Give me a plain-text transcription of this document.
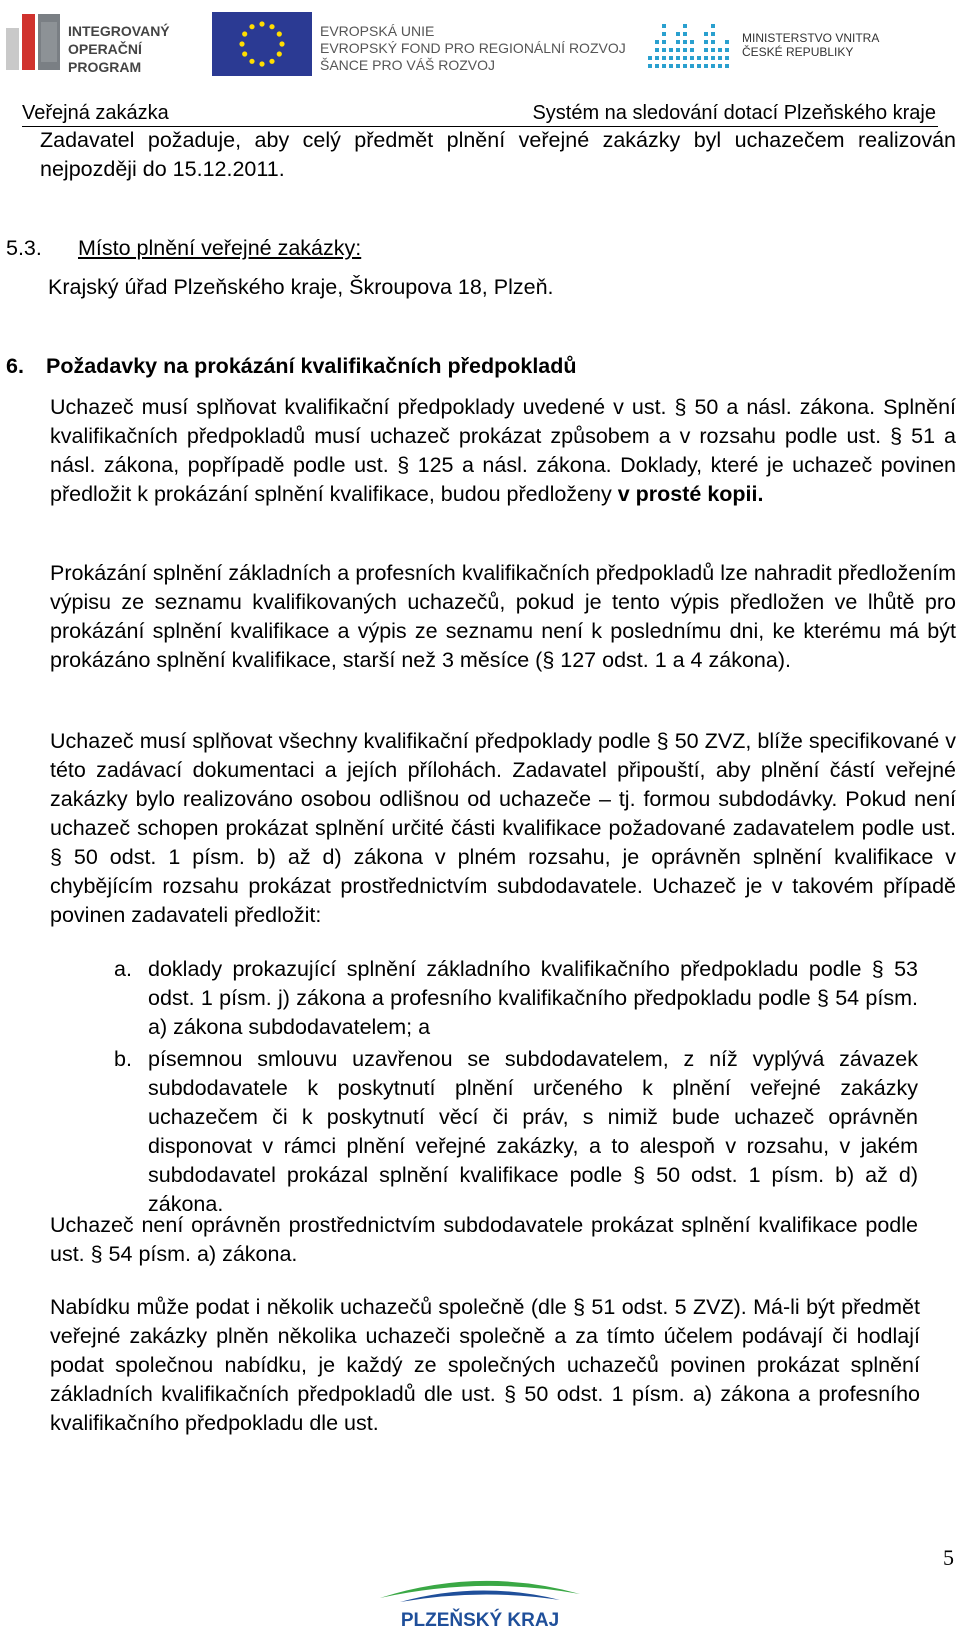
INTEGROVANÝ
OPERAČNÍ
PROGRAM
EVROPSKÁ UNIE
EVROPSKÝ FOND PRO REGIONÁLNÍ ROZVOJ
ŠANCE PRO VÁŠ ROZVOJ
MINISTERSTVO VNITRA
ČESKÉ REPUBLIKY
Veřejná zakázka	Systém na sledování dotací Plzeňského kraje

Zadavatel požaduje, aby celý předmět plnění veřejné zakázky byl uchazečem realizován nejpozději do 15.12.2011.

5.3. Místo plnění veřejné zakázky:
Krajský úřad Plzeňského kraje, Škroupova 18, Plzeň.
6. Požadavky na prokázání kvalifikačních předpokladů

Uchazeč musí splňovat kvalifikační předpoklady uvedené v ust. § 50 a násl. zákona. Splnění kvalifikačních předpokladů musí uchazeč prokázat způsobem a v rozsahu podle ust. § 51 a násl. zákona, popřípadě podle ust. § 125 a násl. zákona. Doklady, které je uchazeč povinen předložit k prokázání splnění kvalifikace, budou předloženy v prosté kopii.

Prokázání splnění základních a profesních kvalifikačních předpokladů lze nahradit předložením výpisu ze seznamu kvalifikovaných uchazečů, pokud je tento výpis předložen ve lhůtě pro prokázání splnění kvalifikace a výpis ze seznamu není k poslednímu dni, ke kterému má být prokázáno splnění kvalifikace, starší než 3 měsíce (§ 127 odst. 1 a 4 zákona).

Uchazeč musí splňovat všechny kvalifikační předpoklady podle § 50 ZVZ, blíže specifikované v této zadávací dokumentaci a jejích přílohách. Zadavatel připouští, aby plnění částí veřejné zakázky bylo realizováno osobou odlišnou od uchazeče – tj. formou subdodávky. Pokud není uchazeč schopen prokázat splnění určité části kvalifikace požadované zadavatelem podle ust. § 50 odst. 1 písm. b) až d) zákona v plném rozsahu, je oprávněn splnění kvalifikace v chybějícím rozsahu prokázat prostřednictvím subdodavatele. Uchazeč je v takovém případě povinen zadavateli předložit:

a. doklady prokazující splnění základního kvalifikačního předpokladu podle § 53 odst. 1 písm. j) zákona a profesního kvalifikačního předpokladu podle § 54 písm. a) zákona subdodavatelem; a

b. písemnou smlouvu uzavřenou se subdodavatelem, z níž vyplývá závazek subdodavatele k poskytnutí plnění určeného k plnění veřejné zakázky uchazečem či k poskytnutí věcí či práv, s nimiž bude uchazeč oprávněn disponovat v rámci plnění veřejné zakázky, a to alespoň v rozsahu, v jakém subdodavatel prokázal splnění kvalifikace podle § 50 odst. 1 písm. b) až d) zákona.

Uchazeč není oprávněn prostřednictvím subdodavatele prokázat splnění kvalifikace podle ust. § 54 písm. a) zákona.

Nabídku může podat i několik uchazečů společně (dle § 51 odst. 5 ZVZ). Má-li být předmět veřejné zakázky plněn několika uchazeči společně a za tímto účelem podávají či hodlají podat společnou nabídku, je každý ze společných uchazečů povinen prokázat splnění základních kvalifikačních předpokladů dle ust. § 50 odst. 1 písm. a) zákona a profesního kvalifikačního předpokladu dle ust.

5
PLZEŇSKÝ KRAJ
